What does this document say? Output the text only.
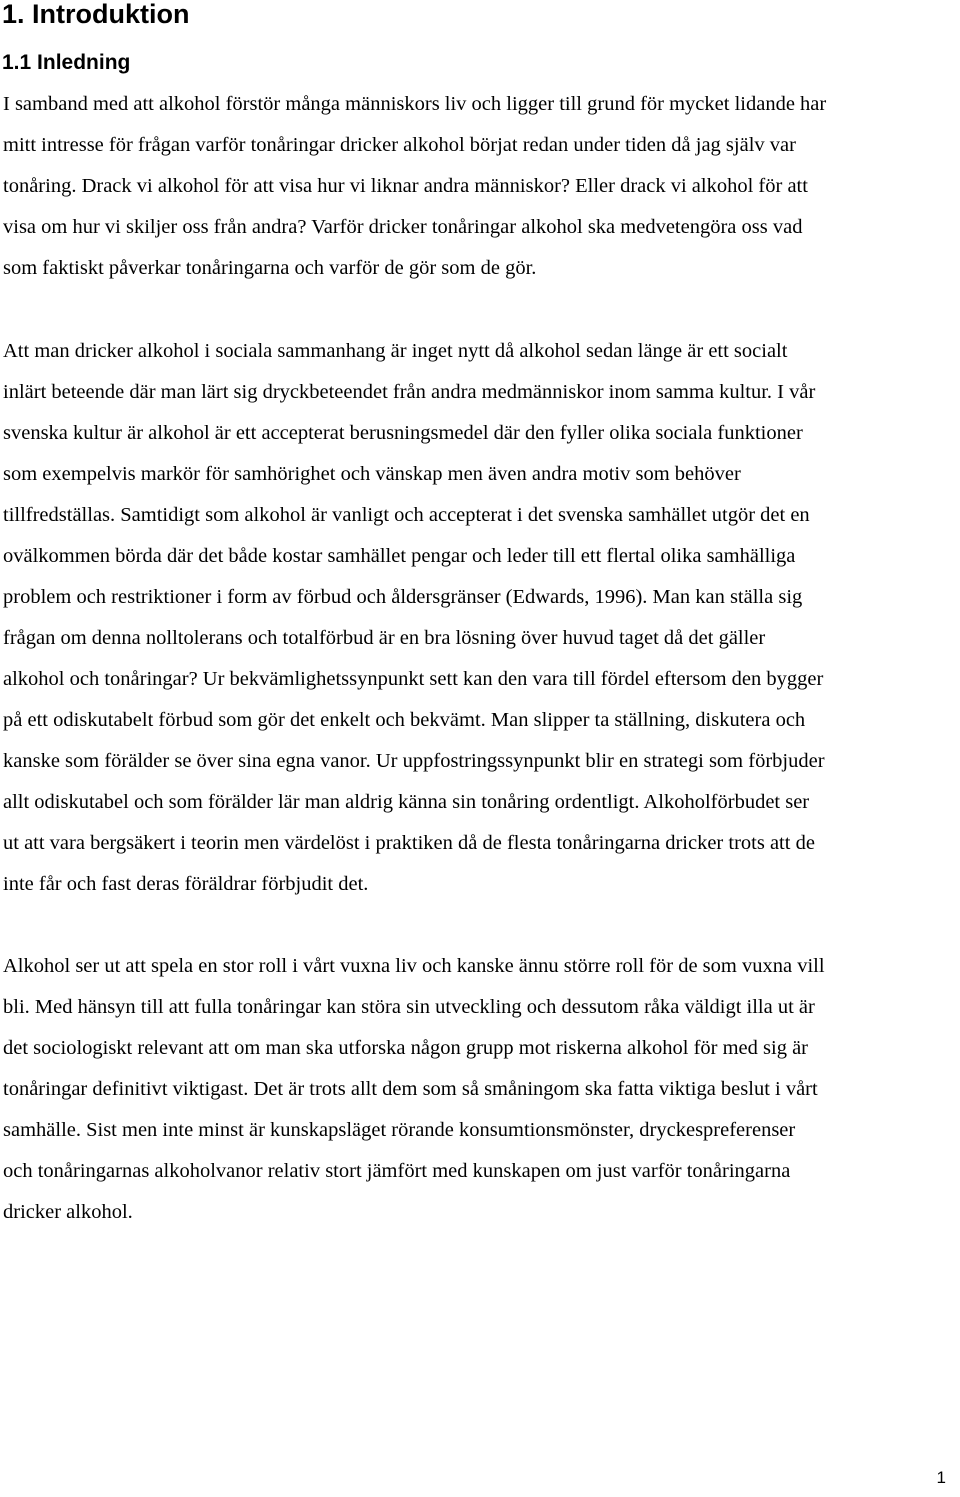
1. Introduktion
1.1 Inledning

I samband med att alkohol förstör många människors liv och ligger till grund för mycket lidande har
mitt intresse för frågan varför tonåringar dricker alkohol börjat redan under tiden då jag själv var
tonåring. Drack vi alkohol för att visa hur vi liknar andra människor? Eller drack vi alkohol för att
visa om hur vi skiljer oss från andra? Varför dricker tonåringar alkohol ska medvetengöra oss vad
som faktiskt påverkar tonåringarna och varför de gör som de gör.

Att man dricker alkohol i sociala sammanhang är inget nytt då alkohol sedan länge är ett socialt
inlärt beteende där man lärt sig dryckbeteendet från andra medmänniskor inom samma kultur. I vår
svenska kultur är alkohol är ett accepterat berusningsmedel där den fyller olika sociala funktioner
som exempelvis markör för samhörighet och vänskap men även andra motiv som behöver
tillfredställas. Samtidigt som alkohol är vanligt och accepterat i det svenska samhället utgör det en
ovälkommen börda där det både kostar samhället pengar och leder till ett flertal olika samhälliga
problem och restriktioner i form av förbud och åldersgränser (Edwards, 1996). Man kan ställa sig
frågan om denna nolltolerans och totalförbud är en bra lösning över huvud taget då det gäller
alkohol och tonåringar? Ur bekvämlighetssynpunkt sett kan den vara till fördel eftersom den bygger
på ett odiskutabelt förbud som gör det enkelt och bekvämt. Man slipper ta ställning, diskutera och
kanske som förälder se över sina egna vanor. Ur uppfostringssynpunkt blir en strategi som förbjuder
allt odiskutabel och som förälder lär man aldrig känna sin tonåring ordentligt. Alkoholförbudet ser
ut att vara bergsäkert i teorin men värdelöst i praktiken då de flesta tonåringarna dricker trots att de
inte får och fast deras föräldrar förbjudit det.

Alkohol ser ut att spela en stor roll i vårt vuxna liv och kanske ännu större roll för de som vuxna vill
bli. Med hänsyn till att fulla tonåringar kan störa sin utveckling och dessutom råka väldigt illa ut är
det sociologiskt relevant att om man ska utforska någon grupp mot riskerna alkohol för med sig är
tonåringar definitivt viktigast. Det är trots allt dem som så småningom ska fatta viktiga beslut i vårt
samhälle. Sist men inte minst är kunskapsläget rörande konsumtionsmönster, dryckespreferenser
och tonåringarnas alkoholvanor relativ stort jämfört med kunskapen om just varför tonåringarna
dricker alkohol.

1
